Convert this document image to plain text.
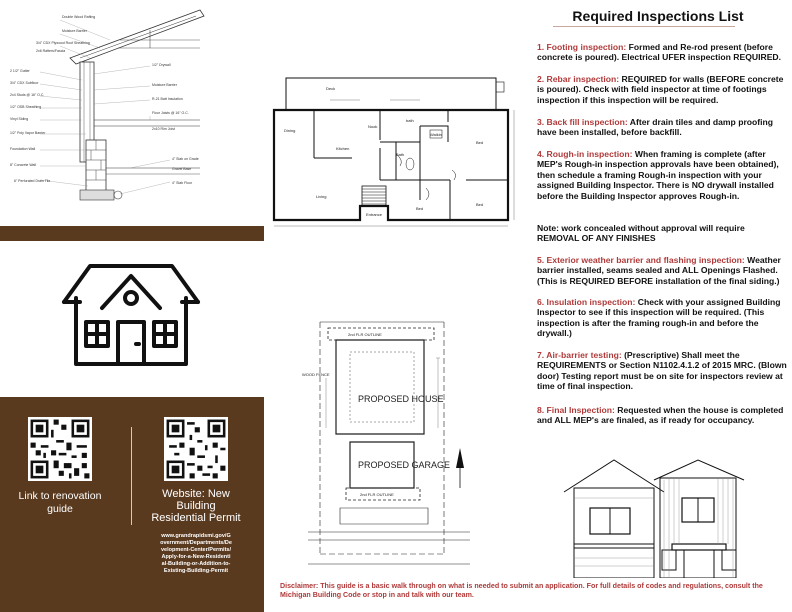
Double Wood Rafting
Moisture Barrier
3/4" CDX Plywood Roof Sheathing
2x6 Rafters/Fascia
2 1/2" Gutter
3/4" CDX Subfloor
1/2" Drywall
Moisture Barrier
R-21 Batt Insulation
1/2" Poly Vapor Barrier
6" Perforated Drain Tile	4" Slab Floor
2x4 Studs @ 16" O.C.
1/2" OSB Sheathing
Vinyl Siding
Foundation Wall
8" Concrete Wall
Floor Joists @ 16" O.C.
2x10 Rim Joist
4" Slab on Grade
Gravel Base
Link to renovation guide
Website: New Building Residential Permit
www.grandrapidsmi.gov/Government/Departments/Development-Center/Permits/Apply-for-a-New-Residential-Building-or-Addition-to-Existing-Building-Permit
Deck
Dining
Nook
bath
Walkin
Kitchen
Bath
Bed
Living
Bed
Bed
Entrance
2nd FLR OUTLINE
WOOD FENCE
PROPOSED HOUSE
PROPOSED GARAGE
2nd FLR OUTLINE
Required Inspections List
1. Footing inspection: Formed and Re-rod present (before concrete is poured). Electrical UFER inspection REQUIRED.
2. Rebar inspection: REQUIRED for walls (BEFORE concrete is poured). Check with field inspector at time of footings inspection if this inspection will be required.
3. Back fill inspection: After drain tiles and damp proofing have been installed, before backfill.
4. Rough-in inspection: When framing is complete (after MEP's Rough-in inspection approvals have been obtained), then schedule a framing Rough-in inspection with your assigned Building Inspector. There is NO drywall installed before the Building Inspector approves Rough-in.
Note: work concealed without approval will require REMOVAL OF ANY FINISHES
5. Exterior weather barrier and flashing inspection: Weather barrier installed, seams sealed and ALL Openings Flashed. (This is REQUIRED BEFORE installation of the final siding.)
6. Insulation inspection: Check with your assigned Building Inspector to see if this inspection will be required. (This inspection is after the framing rough-in and before the drywall.)
7. Air-barrier testing: (Prescriptive) Shall meet the REQUIREMENTS or Section N1102.4.1.2 of 2015 MRC. (Blown door) Testing report must be on site for inspectors review at time of final inspection.
8. Final Inspection: Requested when the house is completed and ALL MEP's are finaled, as if ready for occupancy.
Disclaimer: This guide is a basic walk through on what is needed to submit an application. For full details of codes and regulations, consult the Michigan Building Code or stop in and talk with our team.
